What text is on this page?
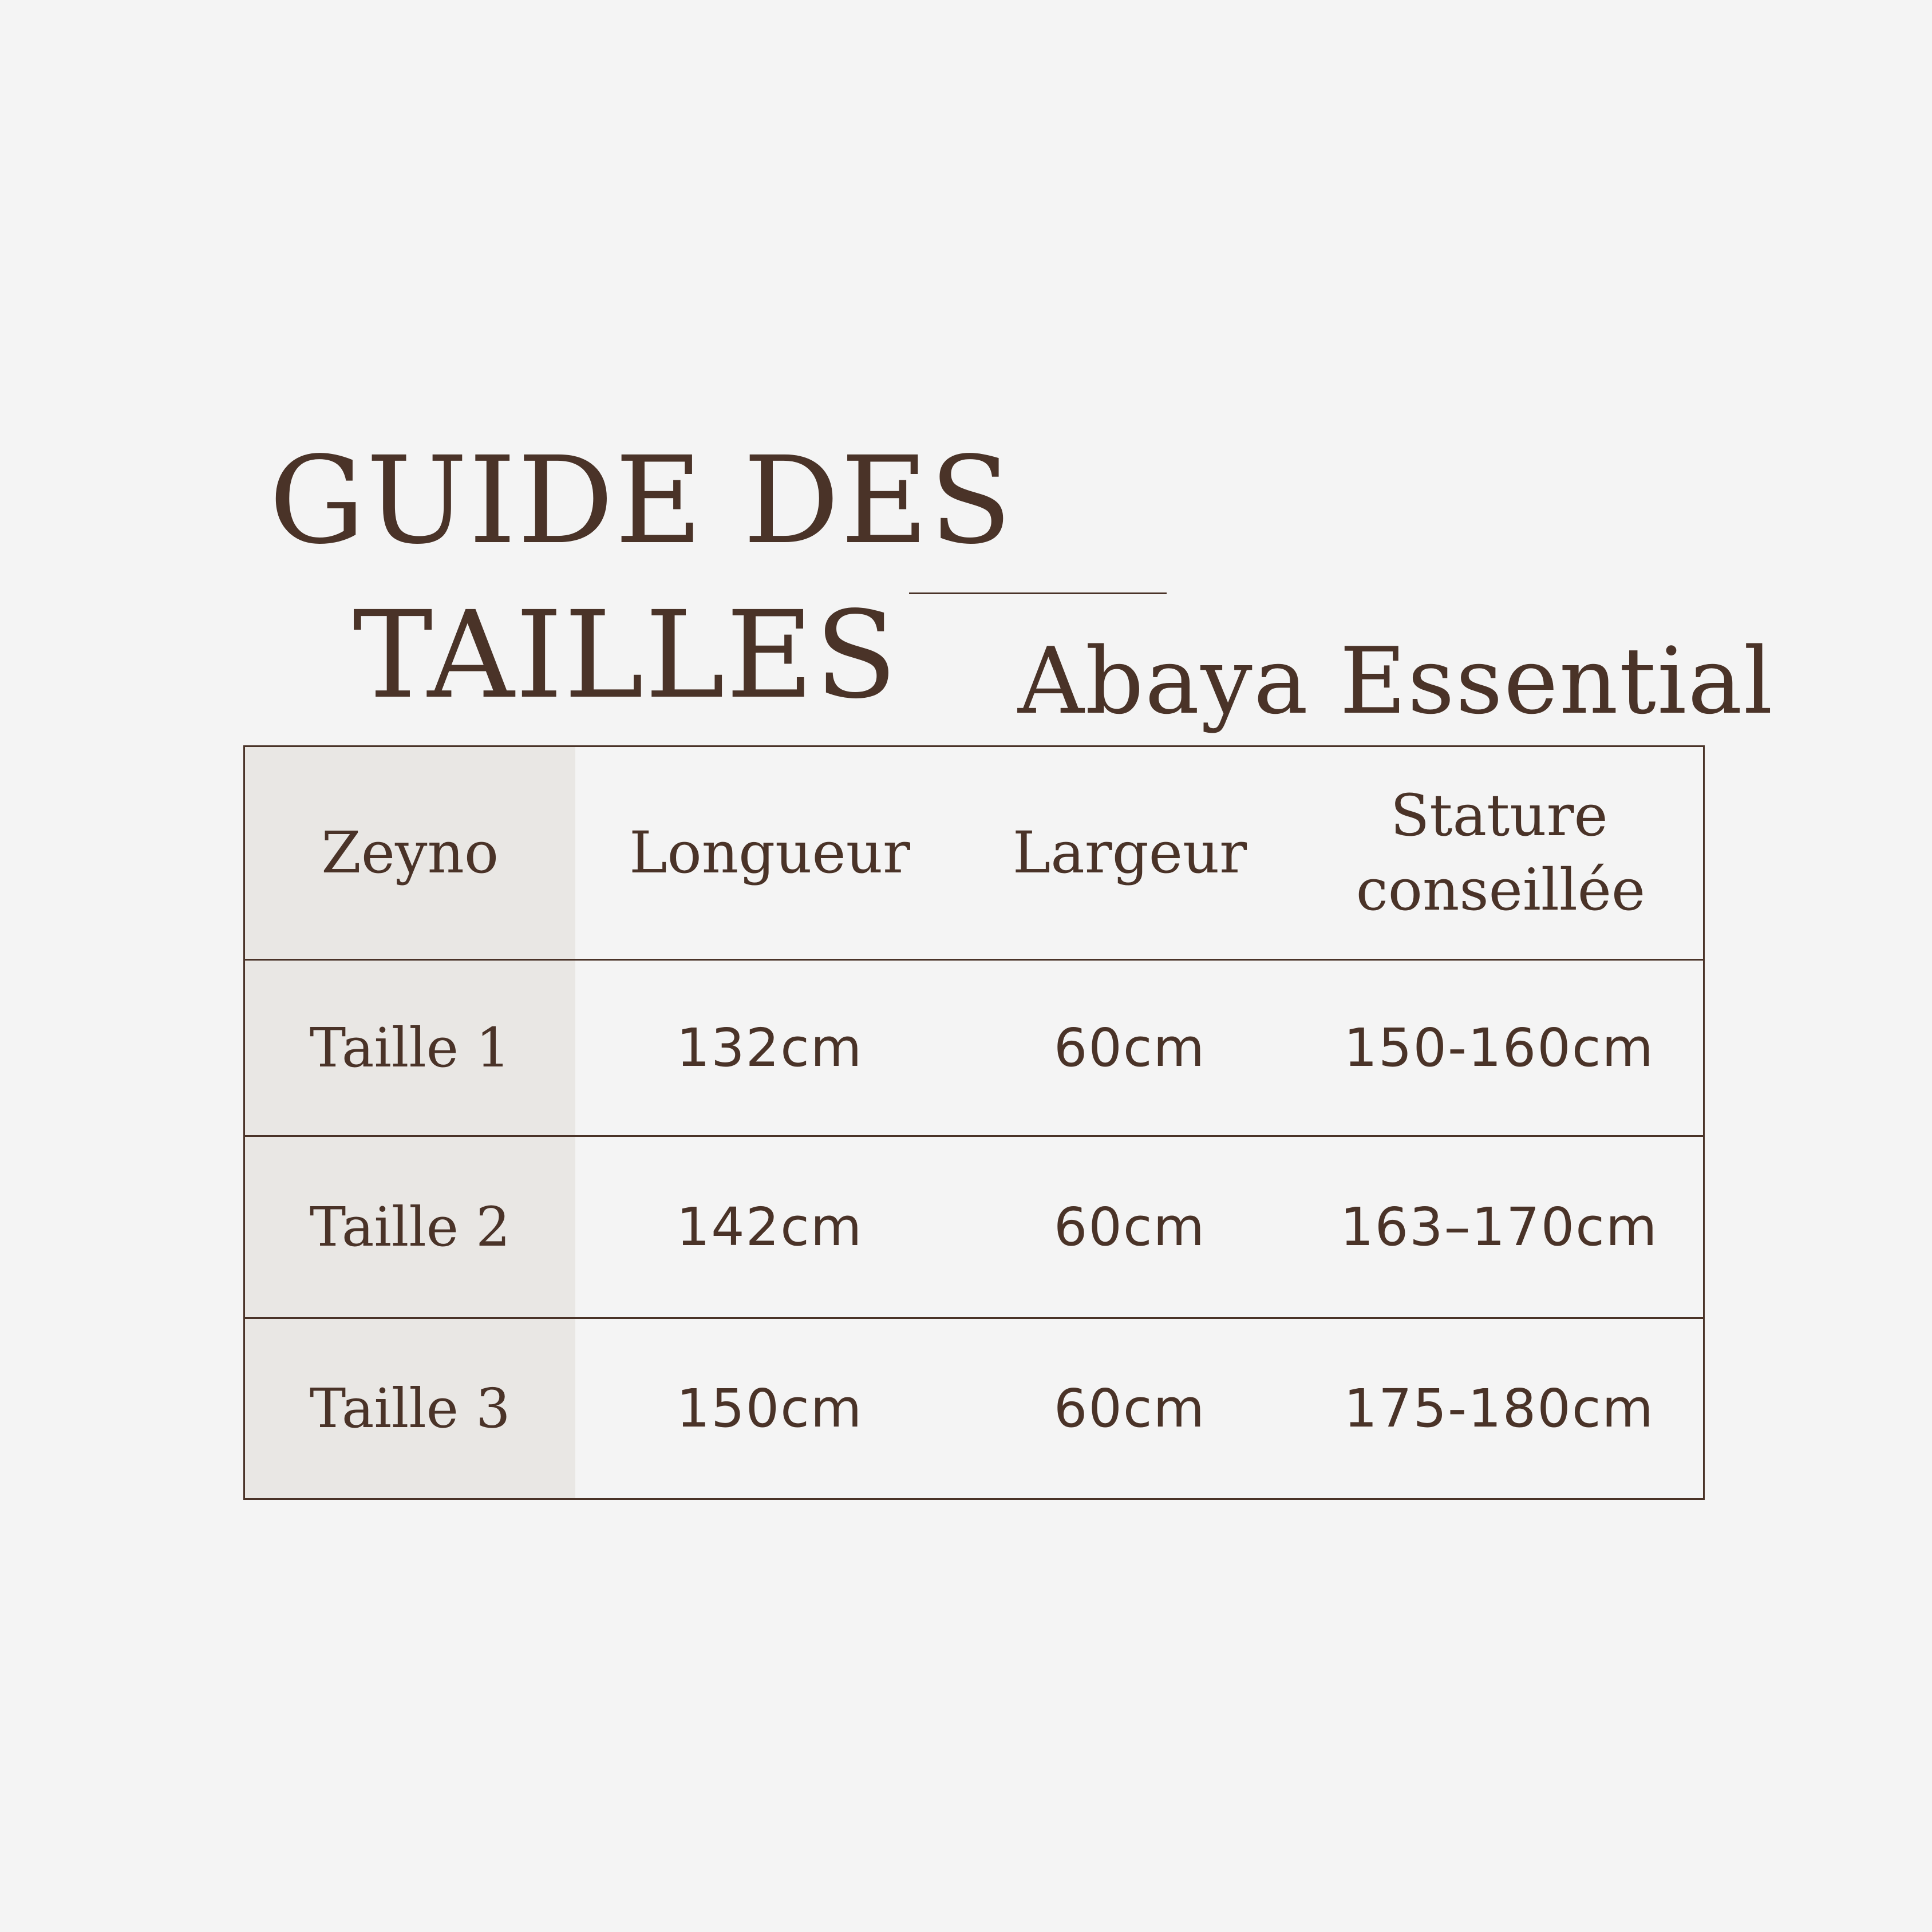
GUIDE DES
TAILLES Abaya Essential
Zeyno	Longueur	Largeur	Stature conseillée

Taille 1	132cm	60cm	150-160cm
Taille 2	142cm	60cm	163–170cm
Taille 3	150cm	60cm	175-180cm
